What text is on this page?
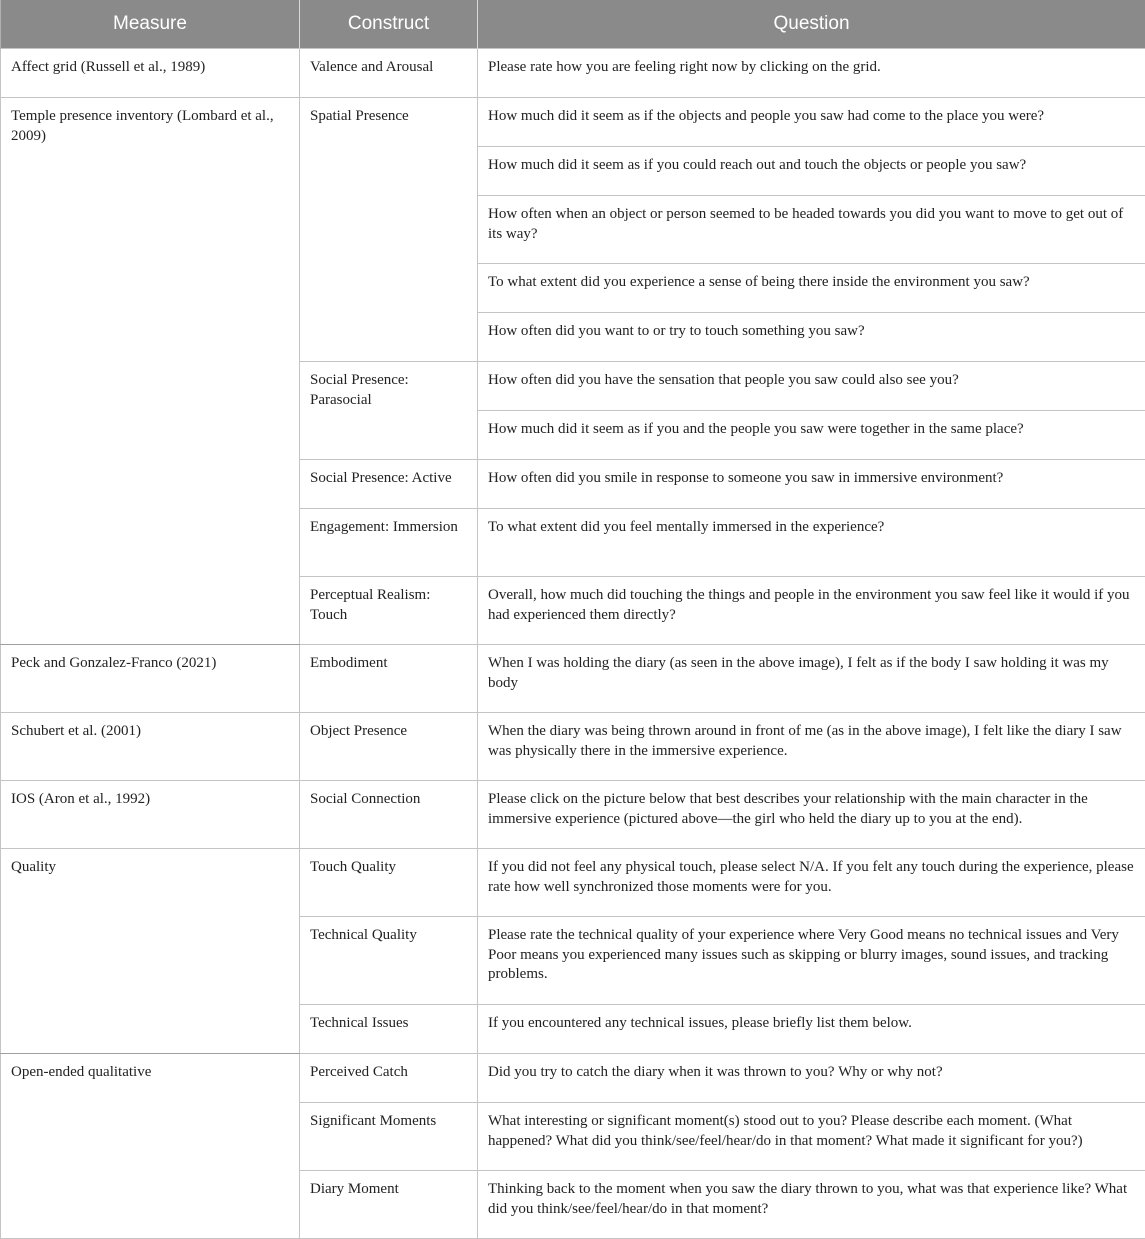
Measure	Construct	Question
Affect grid (Russell et al., 1989)	Valence and Arousal	Please rate how you are feeling right now by clicking on the grid.
Temple presence inventory (Lombard et al., 2009)	Spatial Presence	How much did it seem as if the objects and people you saw had come to the place you were?
		How much did it seem as if you could reach out and touch the objects or people you saw?
		How often when an object or person seemed to be headed towards you did you want to move to get out of its way?
		To what extent did you experience a sense of being there inside the environment you saw?
		How often did you want to or try to touch something you saw?
	Social Presence: Parasocial	How often did you have the sensation that people you saw could also see you?
		How much did it seem as if you and the people you saw were together in the same place?
	Social Presence: Active	How often did you smile in response to someone you saw in immersive environment?
	Engagement: Immersion	To what extent did you feel mentally immersed in the experience?
	Perceptual Realism: Touch	Overall, how much did touching the things and people in the environment you saw feel like it would if you had experienced them directly?
Peck and Gonzalez-Franco (2021)	Embodiment	When I was holding the diary (as seen in the above image), I felt as if the body I saw holding it was my body
Schubert et al. (2001)	Object Presence	When the diary was being thrown around in front of me (as in the above image), I felt like the diary I saw was physically there in the immersive experience.
IOS (Aron et al., 1992)	Social Connection	Please click on the picture below that best describes your relationship with the main character in the immersive experience (pictured above—the girl who held the diary up to you at the end).
Quality	Touch Quality	If you did not feel any physical touch, please select N/A. If you felt any touch during the experience, please rate how well synchronized those moments were for you.
	Technical Quality	Please rate the technical quality of your experience where Very Good means no technical issues and Very Poor means you experienced many issues such as skipping or blurry images, sound issues, and tracking problems.
	Technical Issues	If you encountered any technical issues, please briefly list them below.
Open-ended qualitative	Perceived Catch	Did you try to catch the diary when it was thrown to you? Why or why not?
	Significant Moments	What interesting or significant moment(s) stood out to you? Please describe each moment. (What happened? What did you think/see/feel/hear/do in that moment? What made it significant for you?)
	Diary Moment	Thinking back to the moment when you saw the diary thrown to you, what was that experience like? What did you think/see/feel/hear/do in that moment?
